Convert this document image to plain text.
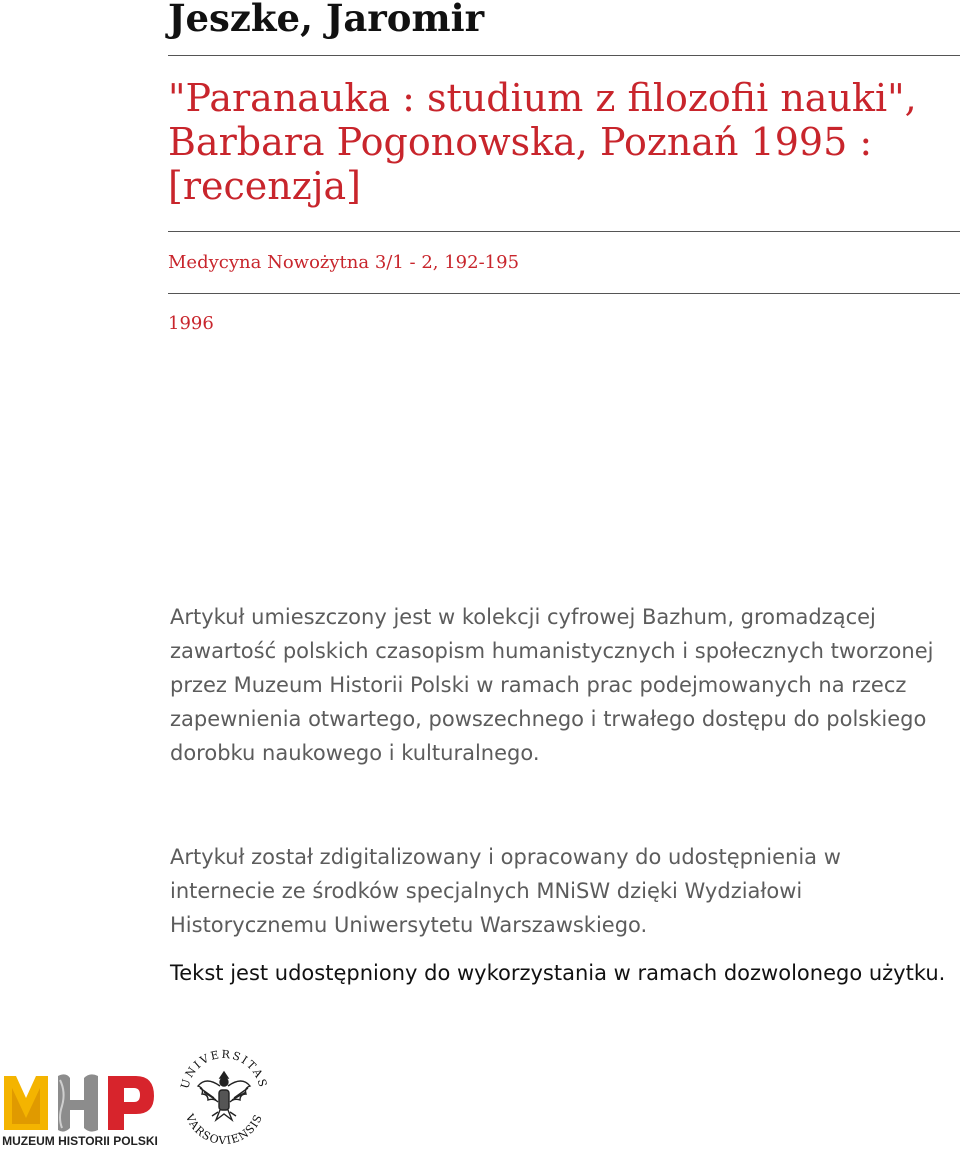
Jeszke, Jaromir
"Paranauka : studium z filozofii nauki", Barbara Pogonowska, Poznań 1995 : [recenzja]
Medycyna Nowożytna 3/1 - 2, 192-195
1996

Artykuł umieszczony jest w kolekcji cyfrowej Bazhum, gromadzącej zawartość polskich czasopism humanistycznych i społecznych tworzonej przez Muzeum Historii Polski w ramach prac podejmowanych na rzecz zapewnienia otwartego, powszechnego i trwałego dostępu do polskiego dorobku naukowego i kulturalnego.

Artykuł został zdigitalizowany i opracowany do udostępnienia w internecie ze środków specjalnych MNiSW dzięki Wydziałowi Historycznemu Uniwersytetu Warszawskiego.

Tekst jest udostępniony do wykorzystania w ramach dozwolonego użytku.

MUZEUM HISTORII POLSKI
UNIVERSITAS
VARSOVIENSIS
